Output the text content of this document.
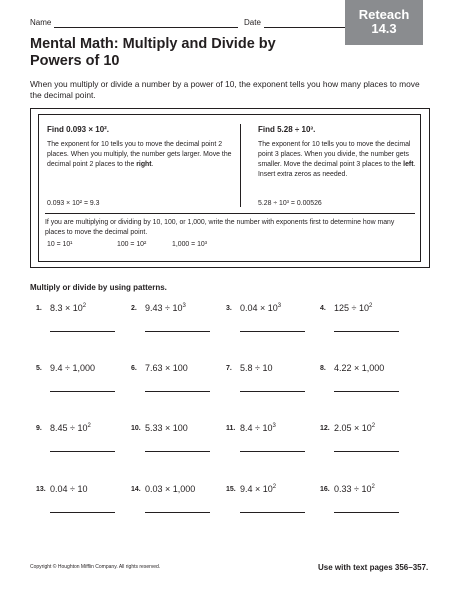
Name	Date
Reteach
14.3
Mental Math: Multiply and Divide by
Powers of 10
When you multiply or divide a number by a power of 10, the exponent tells you how many places to move the decimal point.
Find 0.093 × 10².
The exponent for 10 tells you to move the decimal point 2 places. When you multiply, the number gets larger. Move the decimal point 2 places to the right.
0.093 × 10² = 9.3
Find 5.28 ÷ 10³.
The exponent for 10 tells you to move the decimal point 3 places. When you divide, the number gets smaller. Move the decimal point 3 places to the left. Insert extra zeros as needed.
5.28 ÷ 10³ = 0.00526
If you are multiplying or dividing by 10, 100, or 1,000, write the number with exponents first to determine how many places to move the decimal point.
10 = 10¹	100 = 10²	1,000 = 10³
Multiply or divide by using patterns.
1. $8.3 \times 10^2$	2. $9.43 \div 10^3$	3. $0.04 \times 10^3$	4. $125 \div 10^2$
5. 9.4 ÷ 1,000	6. 7.63 × 100	7. 5.8 ÷ 10	8. 4.22 × 1,000
9. $8.45 \div 10^2$	10. 5.33 × 100	11. $8.4 \div 10^3$	12. $2.05 \times 10^2$
13. 0.04 ÷ 10	14. 0.03 × 1,000	15. $9.4 \times 10^2$	16. $0.33 \div 10^2$
Copyright © Houghton Mifflin Company. All rights reserved.	Use with text pages 356–357.
